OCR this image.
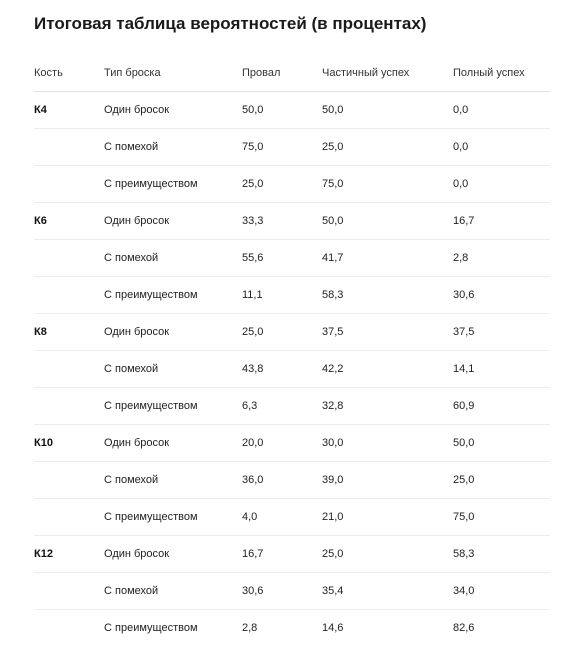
Итоговая таблица вероятностей (в процентах)
Кость	Тип броска	Провал	Частичный успех	Полный успех
К4	Один бросок	50,0	50,0	0,0
	С помехой	75,0	25,0	0,0
	С преимуществом	25,0	75,0	0,0
К6	Один бросок	33,3	50,0	16,7
	С помехой	55,6	41,7	2,8
	С преимуществом	11,1	58,3	30,6
К8	Один бросок	25,0	37,5	37,5
	С помехой	43,8	42,2	14,1
	С преимуществом	6,3	32,8	60,9
К10	Один бросок	20,0	30,0	50,0
	С помехой	36,0	39,0	25,0
	С преимуществом	4,0	21,0	75,0
К12	Один бросок	16,7	25,0	58,3
	С помехой	30,6	35,4	34,0
	С преимуществом	2,8	14,6	82,6
